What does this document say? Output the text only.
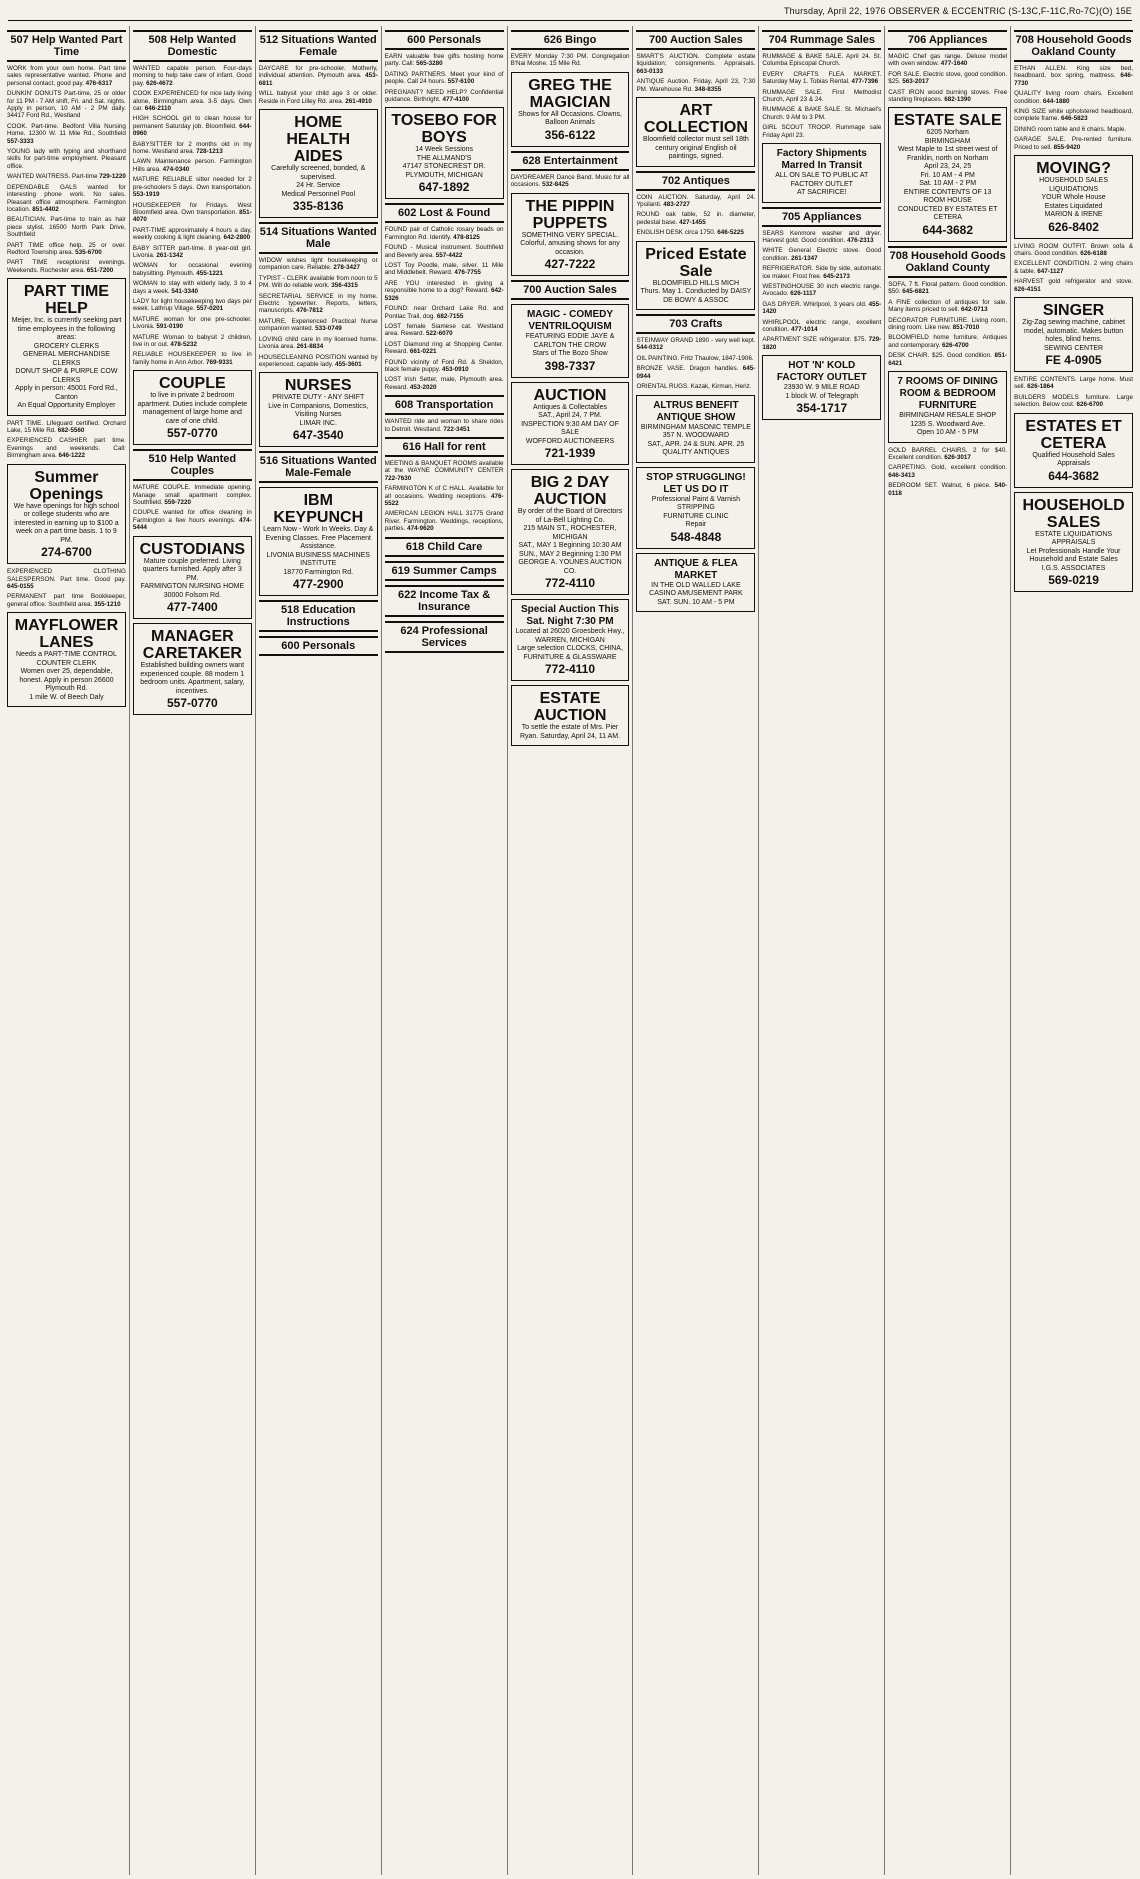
Thursday, April 22, 1976 OBSERVER & ECCENTRIC (S-13C,F-11C,Ro-7C)(O) 15E
507 Help Wanted Part Time
WORK from your own home. Part time sales representative wanted. Phone and personal contact, good pay. 476-6317
DUNKIN' DONUTS Part-time, 25 or older for 11 PM - 7 AM shift, Fri. and Sat. nights. Apply in person, 10 AM - 2 PM daily. 34417 Ford Rd., Westland
COOK. Part-time. Bedford Villa Nursing Home. 12300 W. 11 Mile Rd., Southfield 557-3333
YOUNG lady with typing and shorthand skills for part-time employment. Pleasant office.
WANTED WAITRESS. Part-time 729-1220
DEPENDABLE GALS wanted for interesting phone work. No sales. Pleasant office atmosphere. Farmington location. 851-4402
BEAUTICIAN. Part-time to train as hair piece stylist. 16500 North Park Drive, Southfield
PART TIME office help. 25 or over. Redford Township area. 535-6700
PART TIME receptionist evenings. Weekends. Rochester area. 651-7200
PART TIME HELP
Meijer, Inc. is currently seeking part time employees in the following areas:
GROCERY CLERKS
GENERAL MERCHANDISE CLERKS
DONUT SHOP & PURPLE COW CLERKS
Apply in person: 45001 Ford Rd., Canton
An Equal Opportunity Employer
PART TIME. Lifeguard certified. Orchard Lake, 15 Mile Rd. 682-5560
EXPERIENCED CASHIER part time. Evenings and weekends. Call: Birmingham area. 646-1222
Summer Openings
We have openings for high school or college students who are interested in earning up to $100 a week on a part time basis. 1 to 9 PM.
274-6700
EXPERIENCED CLOTHING SALESPERSON. Part time. Good pay. 645-0155
PERMANENT part time Bookkeeper, general office. Southfield area. 355-1210
MAYFLOWER LANES
Needs a PART-TIME CONTROL COUNTER CLERK
Women over 25, dependable, honest. Apply in person 26600 Plymouth Rd.
1 mile W. of Beech Daly
508 Help Wanted Domestic
WANTED capable person. Four-days morning to help take care of infant. Good pay. 626-4672
COOK EXPERIENCED for nice lady living alone, Birmingham area. 3-5 days. Own car. 646-2110
HIGH SCHOOL girl to clean house for permanent Saturday job. Bloomfield. 644-0960
BABYSITTER for 2 months old in my home. Westland area. 728-1213
LAWN Maintenance person. Farmington Hills area. 474-0340
MATURE RELIABLE sitter needed for 2 pre-schoolers 5 days. Own transportation. 553-1919
HOUSEKEEPER for Fridays. West Bloomfield area. Own transportation. 851-4070
PART-TIME approximately 4 hours a day, weekly cooking & light cleaning. 642-2800
BABY SITTER part-time. 8 year-old girl. Livonia. 261-1342
WOMAN for occasional evening babysitting. Plymouth. 455-1221
WOMAN to stay with elderly lady, 3 to 4 days a week. 541-3340
LADY for light housekeeping two days per week. Lathrup Village. 557-0201
MATURE woman for one pre-schooler. Livonia. 591-0190
MATURE Woman to babysit 2 children, live in or out. 478-5232
RELIABLE HOUSEKEEPER to live in family home in Ann Arbor. 769-9331
COUPLE
to live in private 2 bedroom apartment. Duties include complete management of large home and care of one child.
557-0770
510 Help Wanted Couples
MATURE COUPLE. Immediate opening. Manage small apartment complex. Southfield. 559-7220
COUPLE wanted for office cleaning in Farmington a few hours evenings. 474-5444
CUSTODIANS
Mature couple preferred. Living quarters furnished. Apply after 3 PM.
FARMINGTON NURSING HOME
30000 Folsom Rd.
477-7400
MANAGER CARETAKER
Established building owners want experienced couple. 88 modern 1 bedroom units. Apartment, salary, incentives.
557-0770
512 Situations Wanted Female
DAYCARE for pre-schooler. Motherly, individual attention. Plymouth area. 453-6811
WILL babysit your child age 3 or older. Reside in Ford Lilley Rd. area. 261-4910
HOME HEALTH AIDES
Carefully screened, bonded, & supervised.
24 Hr. Service
Medical Personnel Pool
335-8136
514 Situations Wanted Male
WIDOW wishes light housekeeping or companion care. Reliable. 278-3427
TYPIST - CLERK available from noon to 5 PM. Will do reliable work. 356-4315
SECRETARIAL SERVICE in my home. Electric typewriter. Reports, letters, manuscripts. 476-7812
MATURE, Experienced Practical Nurse companion wanted. 533-0749
LOVING child care in my licensed home. Livonia area. 261-8834
HOUSECLEANING POSITION wanted by experienced, capable lady. 455-3601
NURSES
PRIVATE DUTY - ANY SHIFT
Live in Companions, Domestics, Visiting Nurses
LIMAR INC.
647-3540
516 Situations Wanted Male-Female
IBM KEYPUNCH
Learn Now - Work In Weeks. Day & Evening Classes. Free Placement Assistance.
LIVONIA BUSINESS MACHINES INSTITUTE
18770 Farmington Rd.
477-2900
518 Education Instructions
600 Personals
600 Personals
EARN valuable free gifts hosting home party. Call: 565-3280
DATING PARTNERS. Meet your kind of people. Call 24 hours. 557-6100
PREGNANT? NEED HELP? Confidential guidance. Birthright. 477-4100
TOSEBO FOR BOYS
14 Week Sessions
THE ALLMAND'S
47147 STONECREST DR. PLYMOUTH, MICHIGAN
647-1892
602 Lost & Found
FOUND pair of Catholic rosary beads on Farmington Rd. Identify. 478-8125
FOUND - Musical instrument. Southfield and Beverly area. 557-4422
LOST Toy Poodle, male, silver. 11 Mile and Middlebelt. Reward. 476-7755
ARE YOU interested in giving a responsible home to a dog? Reward. 642-5326
FOUND: near Orchard Lake Rd. and Pontiac Trail, dog. 682-7155
LOST female Siamese cat. Westland area. Reward. 522-6070
LOST Diamond ring at Shopping Center. Reward. 661-0221
FOUND vicinity of Ford Rd. & Sheldon, black female puppy. 453-0910
LOST Irish Setter, male, Plymouth area. Reward. 453-2020
608 Transportation
WANTED ride and woman to share rides to Detroit. Westland. 722-3451
616 Hall for rent
MEETING & BANQUET ROOMS available at the WAYNE COMMUNITY CENTER 722-7630
FARMINGTON K of C HALL. Available for all occasions. Wedding receptions. 476-5522
AMERICAN LEGION HALL 31775 Grand River. Farmington. Weddings, receptions, parties. 474-9620
618 Child Care
619 Summer Camps
622 Income Tax & Insurance
624 Professional Services
626 Bingo
EVERY Monday 7:30 PM. Congregation B'Nai Moshe. 15 Mile Rd.
GREG THE MAGICIAN
Shows for All Occasions. Clowns, Balloon Animals
356-6122
628 Entertainment
DAYDREAMER Dance Band. Music for all occasions. 532-8425
THE PIPPIN PUPPETS
SOMETHING VERY SPECIAL. Colorful, amusing shows for any occasion.
427-7222
700 Auction Sales
MAGIC - COMEDY VENTRILOQUISM
FEATURING EDDIE JAYE & CARLTON THE CROW
Stars of The Bozo Show
398-7337
AUCTION
Antiques & Collectables
SAT., April 24, 7 PM.
INSPECTION 9:30 AM DAY OF SALE
WOFFORD AUCTIONEERS
721-1939
BIG 2 DAY AUCTION
By order of the Board of Directors of La-Bell Lighting Co.
215 MAIN ST., ROCHESTER, MICHIGAN
SAT., MAY 1 Beginning 10:30 AM
SUN., MAY 2 Beginning 1:30 PM
GEORGE A. YOUNES AUCTION CO.
772-4110
Special Auction This Sat. Night 7:30 PM
Located at 26020 Groesbeck Hwy., WARREN, MICHIGAN
Large selection CLOCKS, CHINA, FURNITURE & GLASSWARE
772-4110
ESTATE AUCTION
To settle the estate of Mrs. Pier Ryan. Saturday, April 24, 11 AM.
700 Auction Sales
SMART'S AUCTION. Complete estate liquidation; consignments. Appraisals. 663-0133
ANTIQUE Auction. Friday, April 23, 7:30 PM. Warehouse Rd. 348-8355
ART COLLECTION
Bloomfield collector must sell 18th century original English oil paintings, signed.
702 Antiques
COIN AUCTION. Saturday, April 24. Ypsilanti. 483-2727
ROUND oak table, 52 in. diameter, pedestal base. 427-1455
ENGLISH DESK circa 1750. 646-5225
Priced Estate Sale
BLOOMFIELD HILLS MICH
Thurs. May 1. Conducted by DAISY DE BOWY & ASSOC
703 Crafts
STEINWAY GRAND 1890 - very well kept. 544-0312
OIL PAINTING. Fritz Thaulow, 1847-1906.
BRONZE VASE. Dragon handles. 645-0944
ORIENTAL RUGS. Kazak, Kirman, Heriz.
ALTRUS BENEFIT ANTIQUE SHOW
BIRMINGHAM MASONIC TEMPLE
357 N. WOODWARD
SAT., APR. 24 & SUN. APR. 25
QUALITY ANTIQUES
STOP STRUGGLING! LET US DO IT
Professional Paint & Varnish STRIPPING
FURNITURE CLINIC
Repair
548-4848
ANTIQUE & FLEA MARKET
IN THE OLD WALLED LAKE CASINO AMUSEMENT PARK
SAT. SUN. 10 AM - 5 PM
704 Rummage Sales
RUMMAGE & BAKE SALE. April 24. St. Columba Episcopal Church.
EVERY CRAFTS FLEA MARKET. Saturday May 1. Tobias Rental. 477-7396
RUMMAGE SALE. First Methodist Church, April 23 & 24.
RUMMAGE & BAKE SALE. St. Michael's Church. 9 AM to 3 PM.
GIRL SCOUT TROOP. Rummage sale Friday April 23.
Factory Shipments Marred In Transit
ALL ON SALE TO PUBLIC AT FACTORY OUTLET
AT SACRIFICE!
705 Appliances
SEARS Kenmore washer and dryer. Harvest gold. Good condition. 476-2313
WHITE General Electric stove. Good condition. 261-1347
REFRIGERATOR. Side by side, automatic ice maker. Frost free. 645-2173
WESTINGHOUSE 30 inch electric range. Avocado. 626-1117
GAS DRYER. Whirlpool, 3 years old. 455-1420
WHIRLPOOL electric range, excellent condition. 477-1014
APARTMENT SIZE refrigerator. $75. 729-1820
HOT 'N' KOLD FACTORY OUTLET
23930 W. 9 MILE ROAD
1 block W. of Telegraph
354-1717
706 Appliances
MAGIC Chef gas range. Deluxe model with oven window. 477-1640
FOR SALE. Electric stove, good condition. $25. 563-2017
CAST IRON wood burning stoves. Free standing fireplaces. 682-1390
ESTATE SALE
6205 Norham
BIRMINGHAM
West Maple to 1st street west of Franklin, north on Norham
April 23, 24, 25
Fri. 10 AM - 4 PM
Sat. 10 AM - 2 PM
ENTIRE CONTENTS OF 13 ROOM HOUSE
CONDUCTED BY ESTATES ET CETERA
644-3682
708 Household Goods Oakland County
SOFA, 7 ft. Floral pattern. Good condition. $50. 645-6821
A FINE collection of antiques for sale. Many items priced to sell. 642-0713
DECORATOR FURNITURE. Living room, dining room. Like new. 851-7010
BLOOMFIELD home furniture. Antiques and contemporary. 626-4700
DESK CHAIR. $25. Good condition. 851-6421
7 ROOMS OF DINING ROOM & BEDROOM FURNITURE
BIRMINGHAM RESALE SHOP
1235 S. Woodward Ave.
Open 10 AM - 5 PM
GOLD BARREL CHAIRS. 2 for $40. Excellent condition. 626-3017
CARPETING. Gold, excellent condition. 646-3413
BEDROOM SET. Walnut, 6 piece. 540-0118
708 Household Goods Oakland County
ETHAN ALLEN. King size bed, headboard, box spring, mattress. 646-7730
QUALITY living room chairs. Excellent condition. 644-1880
KING SIZE white upholstered headboard, complete frame. 646-5823
DINING room table and 6 chairs. Maple.
GARAGE SALE. Pre-rented furniture. Priced to sell. 855-9420
MOVING?
HOUSEHOLD SALES
LIQUIDATIONS
YOUR Whole House
Estates Liquidated
MARION & IRENE
626-8402
LIVING ROOM OUTFIT. Brown sofa & chairs. Good condition. 626-6188
EXCELLENT CONDITION. 2 wing chairs & table. 647-1127
HARVEST gold refrigerator and stove. 626-4151
SINGER
Zig-Zag sewing machine, cabinet model, automatic. Makes button holes, blind hems.
SEWING CENTER
FE 4-0905
ENTIRE CONTENTS. Large home. Must sell. 626-1864
BUILDERS MODELS furniture. Large selection. Below cost. 626-6700
ESTATES ET CETERA
Qualified Household Sales
Appraisals
644-3682
HOUSEHOLD SALES
ESTATE LIQUIDATIONS
APPRAISALS
Let Professionals Handle Your Household and Estate Sales
I.G.S. ASSOCIATES
569-0219
